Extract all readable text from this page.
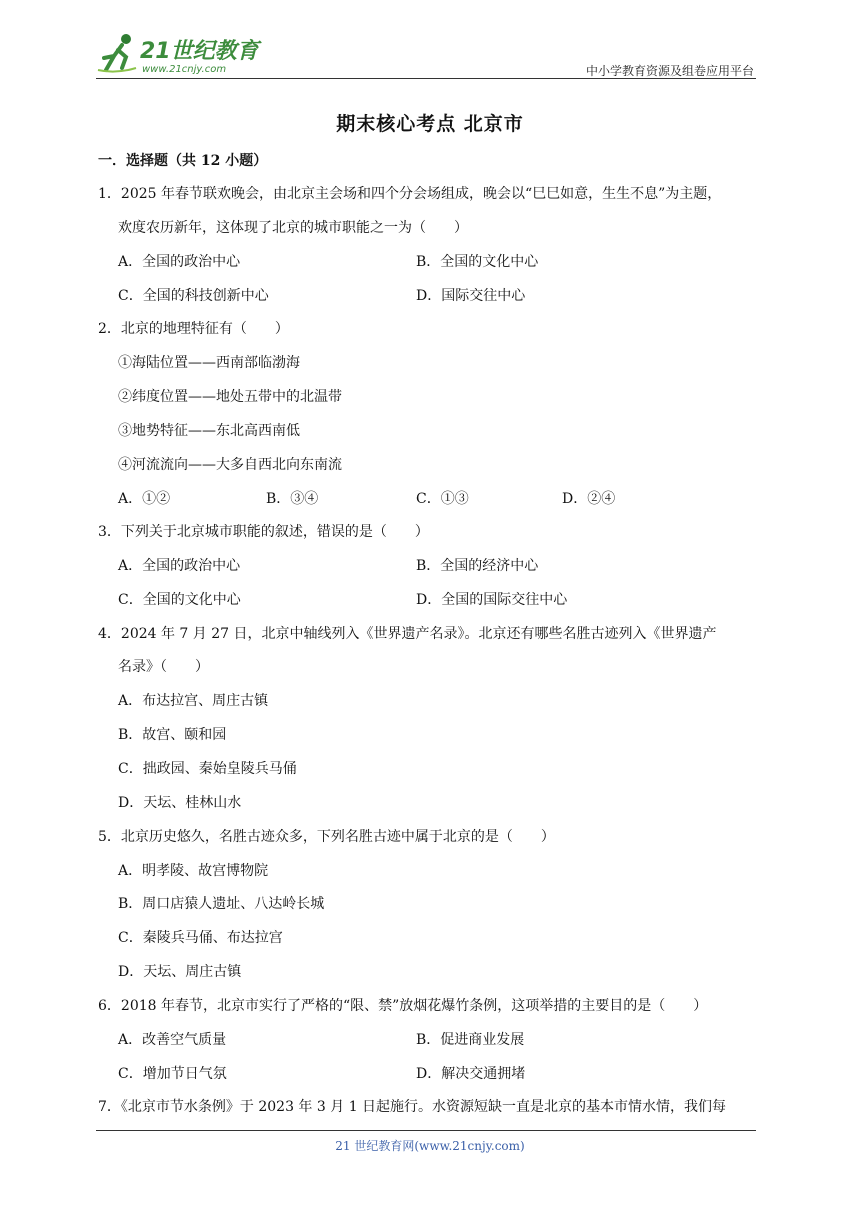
21世纪教育
www.21cnjy.com	中小学教育资源及组卷应用平台
期末核心考点 北京市
一．选择题（共 12 小题）
1．2025 年春节联欢晚会，由北京主会场和四个分会场组成，晚会以“巳巳如意，生生不息”为主题，
欢度农历新年，这体现了北京的城市职能之一为（　　）
A．全国的政治中心	B．全国的文化中心
C．全国的科技创新中心	D．国际交往中心
2．北京的地理特征有（　　）
①海陆位置——西南部临渤海
②纬度位置——地处五带中的北温带
③地势特征——东北高西南低
④河流流向——大多自西北向东南流
A．①②	B．③④	C．①③	D．②④
3．下列关于北京城市职能的叙述，错误的是（　　）
A．全国的政治中心	B．全国的经济中心
C．全国的文化中心	D．全国的国际交往中心
4．2024 年 7 月 27 日，北京中轴线列入《世界遗产名录》。北京还有哪些名胜古迹列入《世界遗产
名录》（　　）
A．布达拉宫、周庄古镇
B．故宫、颐和园
C．拙政园、秦始皇陵兵马俑
D．天坛、桂林山水
5．北京历史悠久，名胜古迹众多，下列名胜古迹中属于北京的是（　　）
A．明孝陵、故宫博物院
B．周口店猿人遗址、八达岭长城
C．秦陵兵马俑、布达拉宫
D．天坛、周庄古镇
6．2018 年春节，北京市实行了严格的“限、禁”放烟花爆竹条例，这项举措的主要目的是（　　）
A．改善空气质量	B．促进商业发展
C．增加节日气氛	D．解决交通拥堵
7．《北京市节水条例》于 2023 年 3 月 1 日起施行。水资源短缺一直是北京的基本市情水情，我们每
21 世纪教育网(www.21cnjy.com)
